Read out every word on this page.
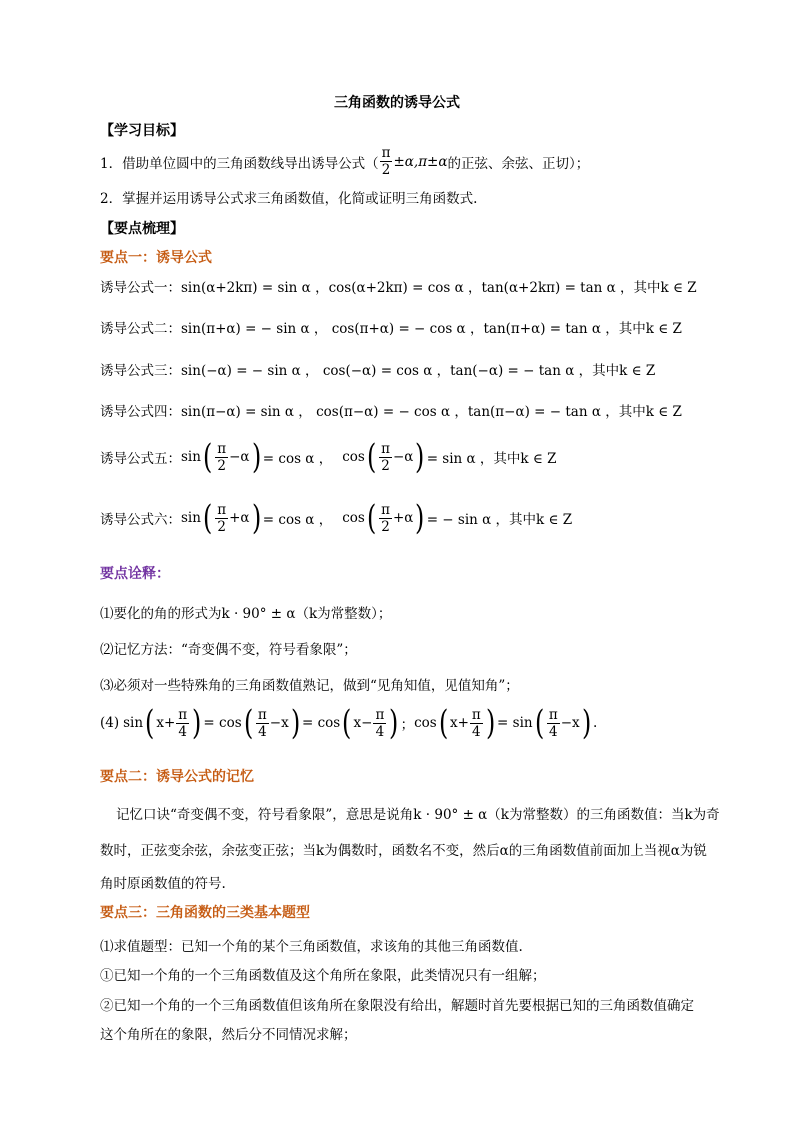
三角函数的诱导公式
【学习目标】
1．借助单位圆中的三角函数线导出诱导公式（ $\frac{\pi}{2} \pm\alpha,\pi\pm\alpha$ 的正弦、余弦、正切）；
2．掌握并运用诱导公式求三角函数值，化简或证明三角函数式.
【要点梳理】
要点一：诱导公式
诱导公式一：sin(α+2kπ) = sin α ，cos(α+2kπ) = cos α ，tan(α+2kπ) = tan α ，其中k ∈ Z
诱导公式二：sin(π+α) = − sin α ， cos(π+α) = − cos α ，tan(π+α) = tan α ，其中k ∈ Z
诱导公式三：sin(−α) = − sin α ， cos(−α) = cos α ，tan(−α) = − tan α ，其中k ∈ Z
诱导公式四：sin(π−α) = sin α ， cos(π−α) = − cos α ，tan(π−α) = − tan α ，其中k ∈ Z
诱导公式五： sin ( $\frac{\pi}{2} -\alpha$ ) = cos α ， cos ( $\frac{\pi}{2} -\alpha$ ) = sin α ，其中k ∈ Z
诱导公式六： sin ( $\frac{\pi}{2} +\alpha$ ) = cos α ， cos ( $\frac{\pi}{2} +\alpha$ ) = − sin α ，其中k ∈ Z
要点诠释：
⑴要化的角的形式为k · 90° ± α（k为常整数）；
⑵记忆方法：“奇变偶不变，符号看象限”；
⑶必须对一些特殊角的三角函数值熟记，做到“见角知值，见值知角”；
(4) sin ( $x+ \frac{\pi}{4}$ ) = cos ( $\frac{\pi}{4} -x$ ) = cos ( $x- \frac{\pi}{4}$ ) ； cos ( $x+ \frac{\pi}{4}$ ) = sin ( $\frac{\pi}{4} -x$ ) .
要点二：诱导公式的记忆
记忆口诀“奇变偶不变，符号看象限”，意思是说角k · 90° ± α（k为常整数）的三角函数值：当k为奇
数时，正弦变余弦，余弦变正弦；当k为偶数时，函数名不变，然后α的三角函数值前面加上当视α为锐
角时原函数值的符号.
要点三：三角函数的三类基本题型
⑴求值题型：已知一个角的某个三角函数值，求该角的其他三角函数值.
①已知一个角的一个三角函数值及这个角所在象限，此类情况只有一组解；
②已知一个角的一个三角函数值但该角所在象限没有给出，解题时首先要根据已知的三角函数值确定
这个角所在的象限，然后分不同情况求解；
